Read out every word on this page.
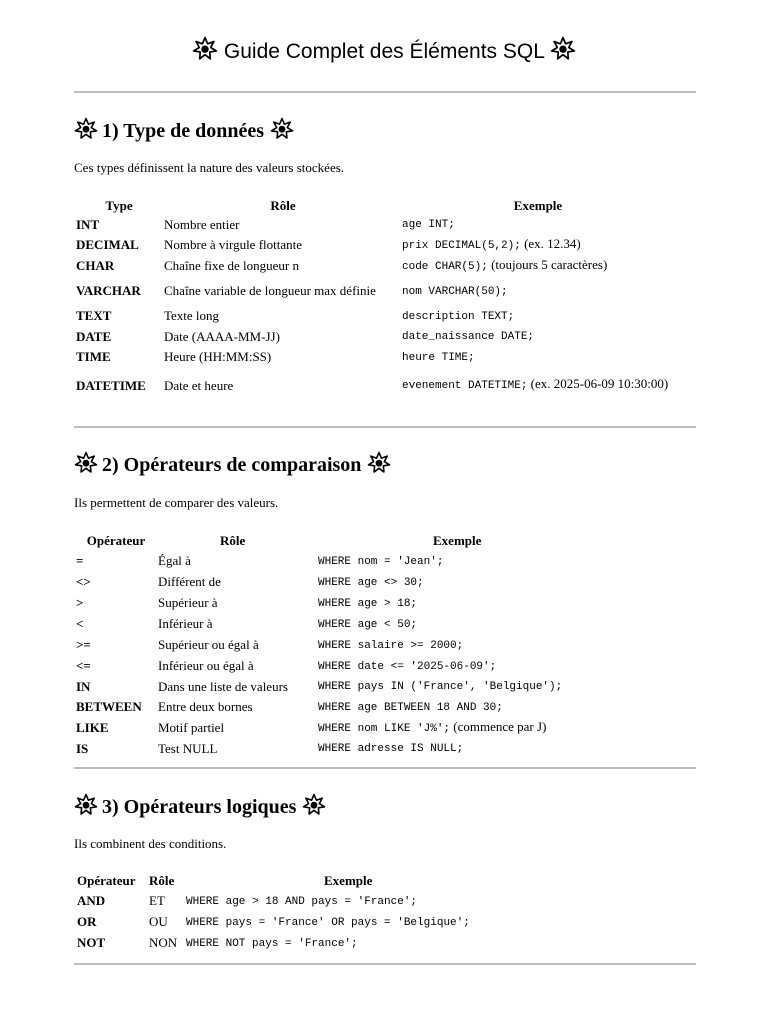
Guide Complet des Éléments SQL
1) Type de données

Ces types définissent la nature des valeurs stockées.

Type	Rôle	Exemple
INT	Nombre entier	age INT;
DECIMAL	Nombre à virgule flottante	prix DECIMAL(5,2); (ex. 12.34)
CHAR	Chaîne fixe de longueur n	code CHAR(5); (toujours 5 caractères)
VARCHAR	Chaîne variable de longueur max définie	nom VARCHAR(50);
TEXT	Texte long	description TEXT;
DATE	Date (AAAA-MM-JJ)	date_naissance DATE;
TIME	Heure (HH:MM:SS)	heure TIME;
DATETIME	Date et heure	evenement DATETIME; (ex. 2025-06-09 10:30:00)
2) Opérateurs de comparaison

Ils permettent de comparer des valeurs.

Opérateur	Rôle	Exemple
=	Égal à	WHERE nom = 'Jean';
<>	Différent de	WHERE age <> 30;
>	Supérieur à	WHERE age > 18;
<	Inférieur à	WHERE age < 50;
>=	Supérieur ou égal à	WHERE salaire >= 2000;
<=	Inférieur ou égal à	WHERE date <= '2025-06-09';
IN	Dans une liste de valeurs	WHERE pays IN ('France', 'Belgique');
BETWEEN	Entre deux bornes	WHERE age BETWEEN 18 AND 30;
LIKE	Motif partiel	WHERE nom LIKE 'J%'; (commence par J)
IS	Test NULL	WHERE adresse IS NULL;
3) Opérateurs logiques

Ils combinent des conditions.

Opérateur	Rôle	Exemple
AND	ET	WHERE age > 18 AND pays = 'France';
OR	OU	WHERE pays = 'France' OR pays = 'Belgique';
NOT	NON	WHERE NOT pays = 'France';
